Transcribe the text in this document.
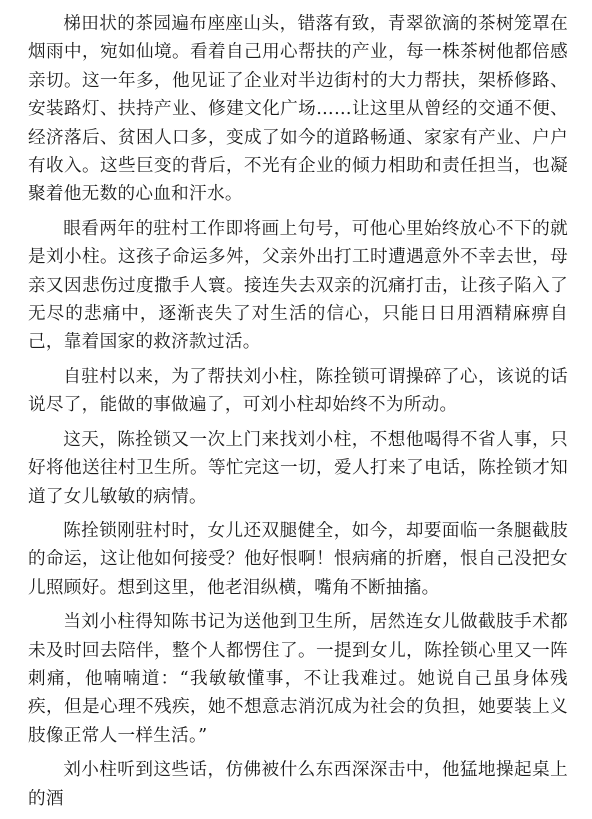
梯田状的茶园遍布座座山头，错落有致，青翠欲滴的茶树笼罩在烟雨中，宛如仙境。看着自己用心帮扶的产业，每一株茶树他都倍感亲切。这一年多，他见证了企业对半边街村的大力帮扶，架桥修路、安装路灯、扶持产业、修建文化广场……让这里从曾经的交通不便、经济落后、贫困人口多，变成了如今的道路畅通、家家有产业、户户有收入。这些巨变的背后，不光有企业的倾力相助和责任担当，也凝聚着他无数的心血和汗水。

眼看两年的驻村工作即将画上句号，可他心里始终放心不下的就是刘小柱。这孩子命运多舛，父亲外出打工时遭遇意外不幸去世，母亲又因悲伤过度撒手人寰。接连失去双亲的沉痛打击，让孩子陷入了无尽的悲痛中，逐渐丧失了对生活的信心，只能日日用酒精麻痹自己，靠着国家的救济款过活。

自驻村以来，为了帮扶刘小柱，陈拴锁可谓操碎了心，该说的话说尽了，能做的事做遍了，可刘小柱却始终不为所动。

这天，陈拴锁又一次上门来找刘小柱，不想他喝得不省人事，只好将他送往村卫生所。等忙完这一切，爱人打来了电话，陈拴锁才知道了女儿敏敏的病情。

陈拴锁刚驻村时，女儿还双腿健全，如今，却要面临一条腿截肢的命运，这让他如何接受？他好恨啊！恨病痛的折磨，恨自己没把女儿照顾好。想到这里，他老泪纵横，嘴角不断抽搐。

当刘小柱得知陈书记为送他到卫生所，居然连女儿做截肢手术都未及时回去陪伴，整个人都愣住了。一提到女儿，陈拴锁心里又一阵刺痛，他喃喃道：“我敏敏懂事，不让我难过。她说自己虽身体残疾，但是心理不残疾，她不想意志消沉成为社会的负担，她要装上义肢像正常人一样生活。”

刘小柱听到这些话，仿佛被什么东西深深击中，他猛地操起桌上的酒
